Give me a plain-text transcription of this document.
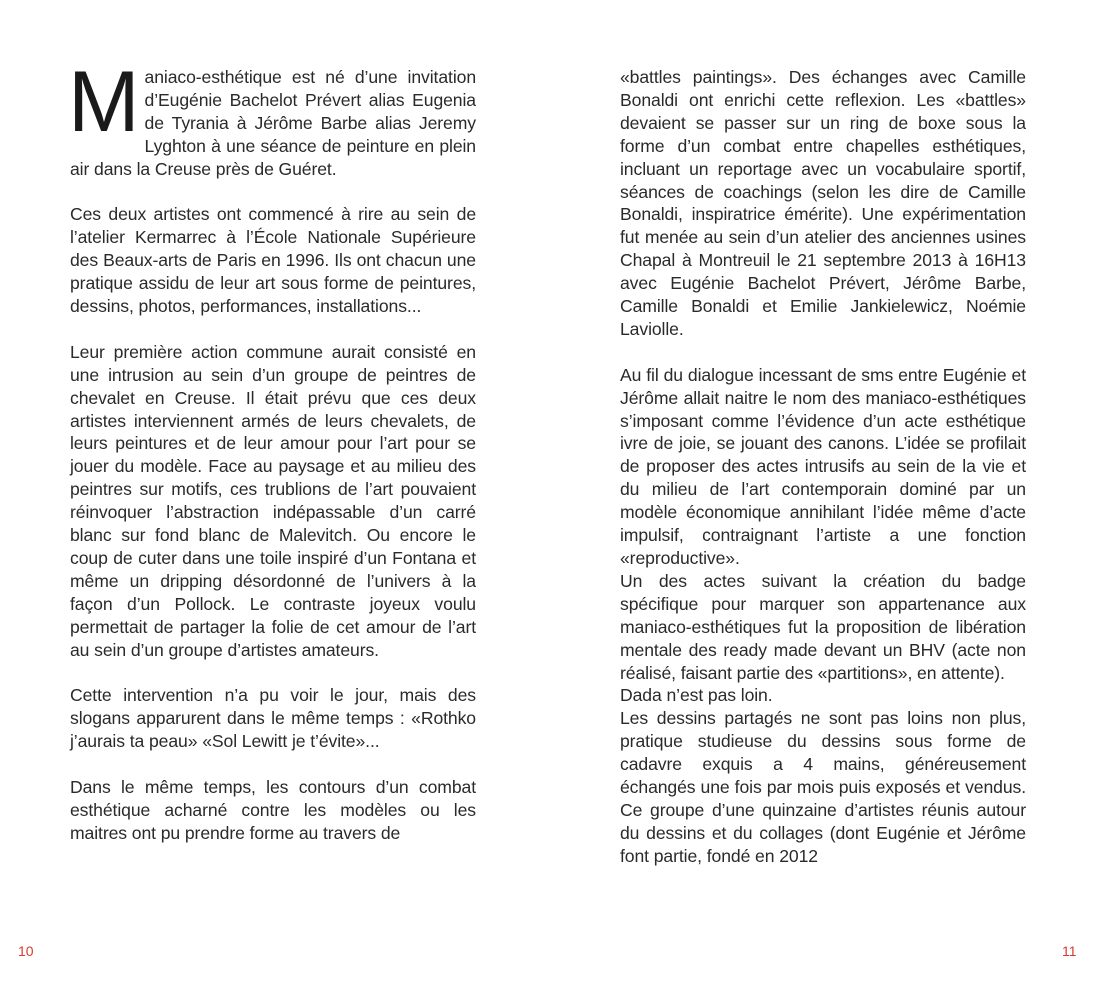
Maniaco-esthétique est né d’une invitation d’Eugénie Bachelot Prévert alias Eugenia de Tyrania à Jérôme Barbe alias Jeremy Lyghton à une séance de peinture en plein air dans la Creuse près de Guéret.

Ces deux artistes ont commencé à rire au sein de l’atelier Kermarrec à l’École Nationale Supérieure des Beaux-arts de Paris en 1996. Ils ont chacun une pratique assidu de leur art sous forme de peintures, dessins, photos, performances, installations...

Leur première action commune aurait consisté en une intrusion au sein d’un groupe de peintres de chevalet en Creuse. Il était prévu que ces deux artistes interviennent armés de leurs chevalets, de leurs peintures et de leur amour pour l’art pour se jouer du modèle. Face au paysage et au milieu des peintres sur motifs, ces trublions de l’art pouvaient réinvoquer l’abstraction indépassable d’un carré blanc sur fond blanc de Malevitch. Ou encore le coup de cuter dans une toile inspiré d’un Fontana et même un dripping désordonné de l’univers à la façon d’un Pollock. Le contraste joyeux voulu permettait de partager la folie de cet amour de l’art au sein d’un groupe d’artistes amateurs.

Cette intervention n’a pu voir le jour, mais des slogans apparurent dans le même temps : «Rothko j’aurais ta peau» «Sol Lewitt je t’évite»...

Dans le même temps, les contours d’un combat esthétique acharné contre les modèles ou les maitres ont pu prendre forme au travers de

«battles paintings». Des échanges avec Camille Bonaldi ont enrichi cette reflexion. Les «battles» devaient se passer sur un ring de boxe sous la forme d’un combat entre chapelles esthétiques, incluant un reportage avec un vocabulaire sportif, séances de coachings (selon les dire de Camille Bonaldi, inspiratrice émérite). Une expérimentation fut menée au sein d’un atelier des anciennes usines Chapal à Montreuil le 21 septembre 2013 à 16H13 avec Eugénie Bachelot Prévert, Jérôme Barbe, Camille Bonaldi et Emilie Jankielewicz, Noémie Laviolle.

Au fil du dialogue incessant de sms entre Eugénie et Jérôme allait naitre le nom des maniaco-esthétiques s’imposant comme l’évidence d’un acte esthétique ivre de joie, se jouant des canons. L’idée se profilait de proposer des actes intrusifs au sein de la vie et du milieu de l’art contemporain dominé par un modèle économique annihilant l’idée même d’acte impulsif, contraignant l’artiste a une fonction «reproductive».

Un des actes suivant la création du badge spécifique pour marquer son appartenance aux maniaco-esthétiques fut la proposition de libération mentale des ready made devant un BHV (acte non réalisé, faisant partie des «partitions», en attente).

Dada n’est pas loin.

Les dessins partagés ne sont pas loins non plus, pratique studieuse du dessins sous forme de cadavre exquis a 4 mains, généreusement échangés une fois par mois puis exposés et vendus. Ce groupe d’une quinzaine d’artistes réunis autour du dessins et du collages (dont Eugénie et Jérôme font partie, fondé en 2012

10	11
